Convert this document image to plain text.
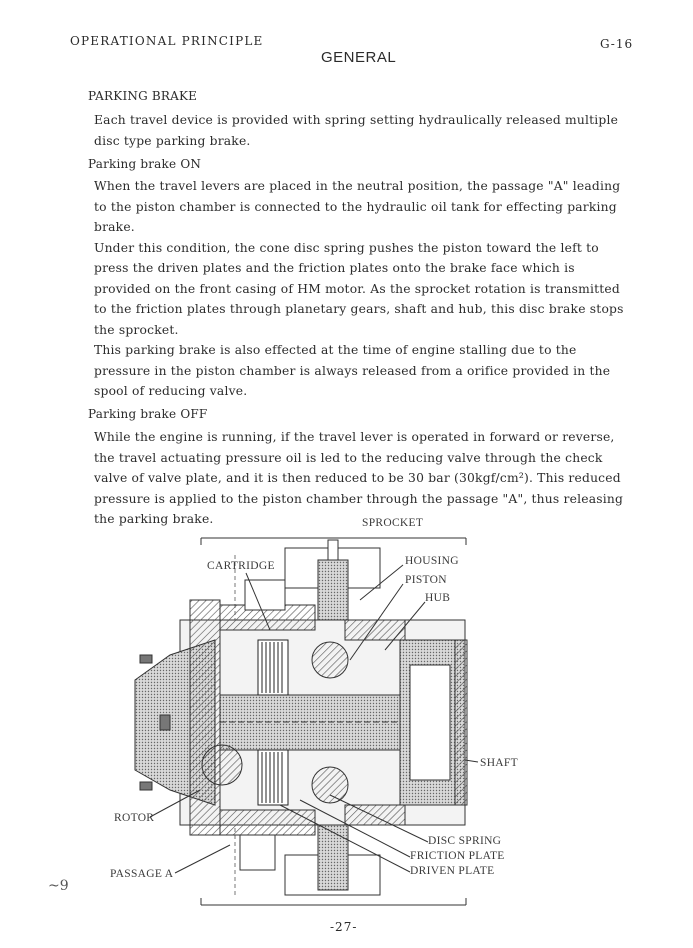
OPERATIONAL PRINCIPLE	G-16
GENERAL
PARKING BRAKE

Each travel device is provided with spring setting hydraulically released multiple disc type parking brake.

Parking brake ON

When the travel levers are placed in the neutral position, the passage "A" leading to the piston chamber is connected to the hydraulic oil tank for effecting parking brake.

Under this condition, the cone disc spring pushes the piston toward the left to press the driven plates and the friction plates onto the brake face which is provided on the front casing of HM motor. As the sprocket rotation is transmitted to the friction plates through planetary gears, shaft and hub, this disc brake stops the sprocket.

This parking brake is also effected at the time of engine stalling due to the pressure in the piston chamber is always released from a orifice provided in the spool of reducing valve.

Parking brake OFF

While the engine is running, if the travel lever is operated in forward or reverse, the travel actuating pressure oil is led to the reducing valve through the check valve of valve plate, and it is then reduced to be 30 bar (30kgf/cm²). This reduced pressure is applied to the piston chamber through the passage "A", thus releasing the parking brake.	SPROCKET
CARTRIDGE	HOUSING
PISTON
HUB
SHAFT
ROTOR
DISC SPRING
FRICTION PLATE
DRIVEN PLATE
PASSAGE A
~9
-27-
